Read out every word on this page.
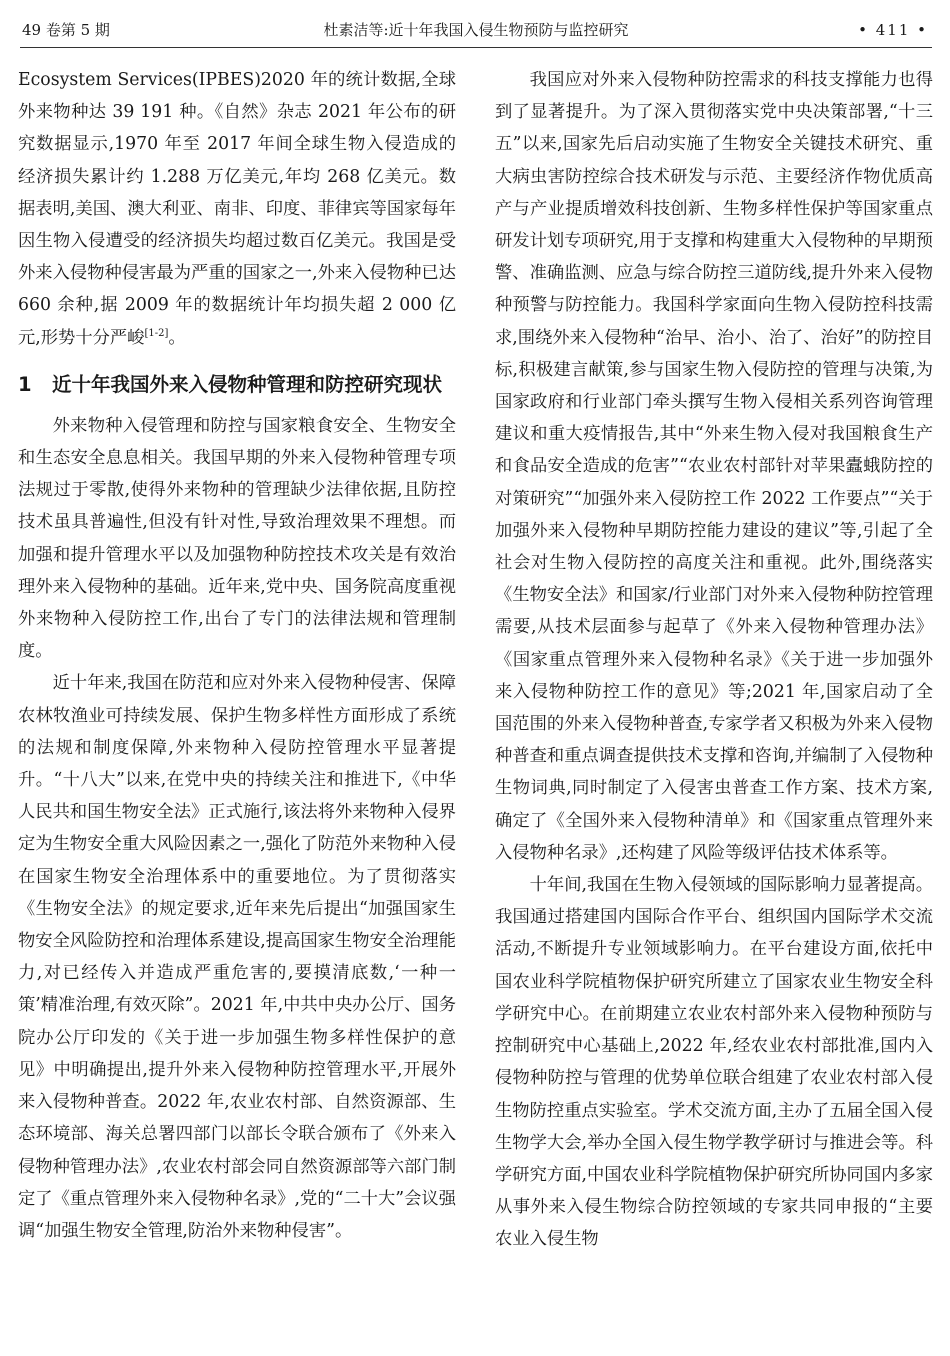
49 卷第 5 期	杜素洁等:近十年我国入侵生物预防与监控研究	• 411 •

Ecosystem Services(IPBES)2020 年的统计数据,全球外来物种达 39 191 种。《自然》杂志 2021 年公布的研究数据显示,1970 年至 2017 年间全球生物入侵造成的经济损失累计约 1.288 万亿美元,年均 268 亿美元。数据表明,美国、澳大利亚、南非、印度、菲律宾等国家每年因生物入侵遭受的经济损失均超过数百亿美元。我国是受外来入侵物种侵害最为严重的国家之一,外来入侵物种已达 660 余种,据 2009 年的数据统计年均损失超 2 000 亿元,形势十分严峻[1-2]。

1	近十年我国外来入侵物种管理和防控研究现状

外来物种入侵管理和防控与国家粮食安全、生物安全和生态安全息息相关。我国早期的外来入侵物种管理专项法规过于零散,使得外来物种的管理缺少法律依据,且防控技术虽具普遍性,但没有针对性,导致治理效果不理想。而加强和提升管理水平以及加强物种防控技术攻关是有效治理外来入侵物种的基础。近年来,党中央、国务院高度重视外来物种入侵防控工作,出台了专门的法律法规和管理制度。

近十年来,我国在防范和应对外来入侵物种侵害、保障农林牧渔业可持续发展、保护生物多样性方面形成了系统的法规和制度保障,外来物种入侵防控管理水平显著提升。“十八大”以来,在党中央的持续关注和推进下,《中华人民共和国生物安全法》正式施行,该法将外来物种入侵界定为生物安全重大风险因素之一,强化了防范外来物种入侵在国家生物安全治理体系中的重要地位。为了贯彻落实《生物安全法》的规定要求,近年来先后提出“加强国家生物安全风险防控和治理体系建设,提高国家生物安全治理能力,对已经传入并造成严重危害的,要摸清底数,‘一种一策’精准治理,有效灭除”。2021 年,中共中央办公厅、国务院办公厅印发的《关于进一步加强生物多样性保护的意见》中明确提出,提升外来入侵物种防控管理水平,开展外来入侵物种普查。2022 年,农业农村部、自然资源部、生态环境部、海关总署四部门以部长令联合颁布了《外来入侵物种管理办法》,农业农村部会同自然资源部等六部门制定了《重点管理外来入侵物种名录》,党的“二十大”会议强调“加强生物安全管理,防治外来物种侵害”。

我国应对外来入侵物种防控需求的科技支撑能力也得到了显著提升。为了深入贯彻落实党中央决策部署,“十三五”以来,国家先后启动实施了生物安全关键技术研究、重大病虫害防控综合技术研发与示范、主要经济作物优质高产与产业提质增效科技创新、生物多样性保护等国家重点研发计划专项研究,用于支撑和构建重大入侵物种的早期预警、准确监测、应急与综合防控三道防线,提升外来入侵物种预警与防控能力。我国科学家面向生物入侵防控科技需求,围绕外来入侵物种“治早、治小、治了、治好”的防控目标,积极建言献策,参与国家生物入侵防控的管理与决策,为国家政府和行业部门牵头撰写生物入侵相关系列咨询管理建议和重大疫情报告,其中“外来生物入侵对我国粮食生产和食品安全造成的危害”“农业农村部针对苹果蠹蛾防控的对策研究”“加强外来入侵防控工作 2022 工作要点”“关于加强外来入侵物种早期防控能力建设的建议”等,引起了全社会对生物入侵防控的高度关注和重视。此外,围绕落实《生物安全法》和国家/行业部门对外来入侵物种防控管理需要,从技术层面参与起草了《外来入侵物种管理办法》《国家重点管理外来入侵物种名录》《关于进一步加强外来入侵物种防控工作的意见》等;2021 年,国家启动了全国范围的外来入侵物种普查,专家学者又积极为外来入侵物种普查和重点调查提供技术支撑和咨询,并编制了入侵物种生物词典,同时制定了入侵害虫普查工作方案、技术方案,确定了《全国外来入侵物种清单》和《国家重点管理外来入侵物种名录》,还构建了风险等级评估技术体系等。

十年间,我国在生物入侵领域的国际影响力显著提高。我国通过搭建国内国际合作平台、组织国内国际学术交流活动,不断提升专业领域影响力。在平台建设方面,依托中国农业科学院植物保护研究所建立了国家农业生物安全科学研究中心。在前期建立农业农村部外来入侵物种预防与控制研究中心基础上,2022 年,经农业农村部批准,国内入侵物种防控与管理的优势单位联合组建了农业农村部入侵生物防控重点实验室。学术交流方面,主办了五届全国入侵生物学大会,举办全国入侵生物学教学研讨与推进会等。科学研究方面,中国农业科学院植物保护研究所协同国内多家从事外来入侵生物综合防控领域的专家共同申报的“主要农业入侵生物
